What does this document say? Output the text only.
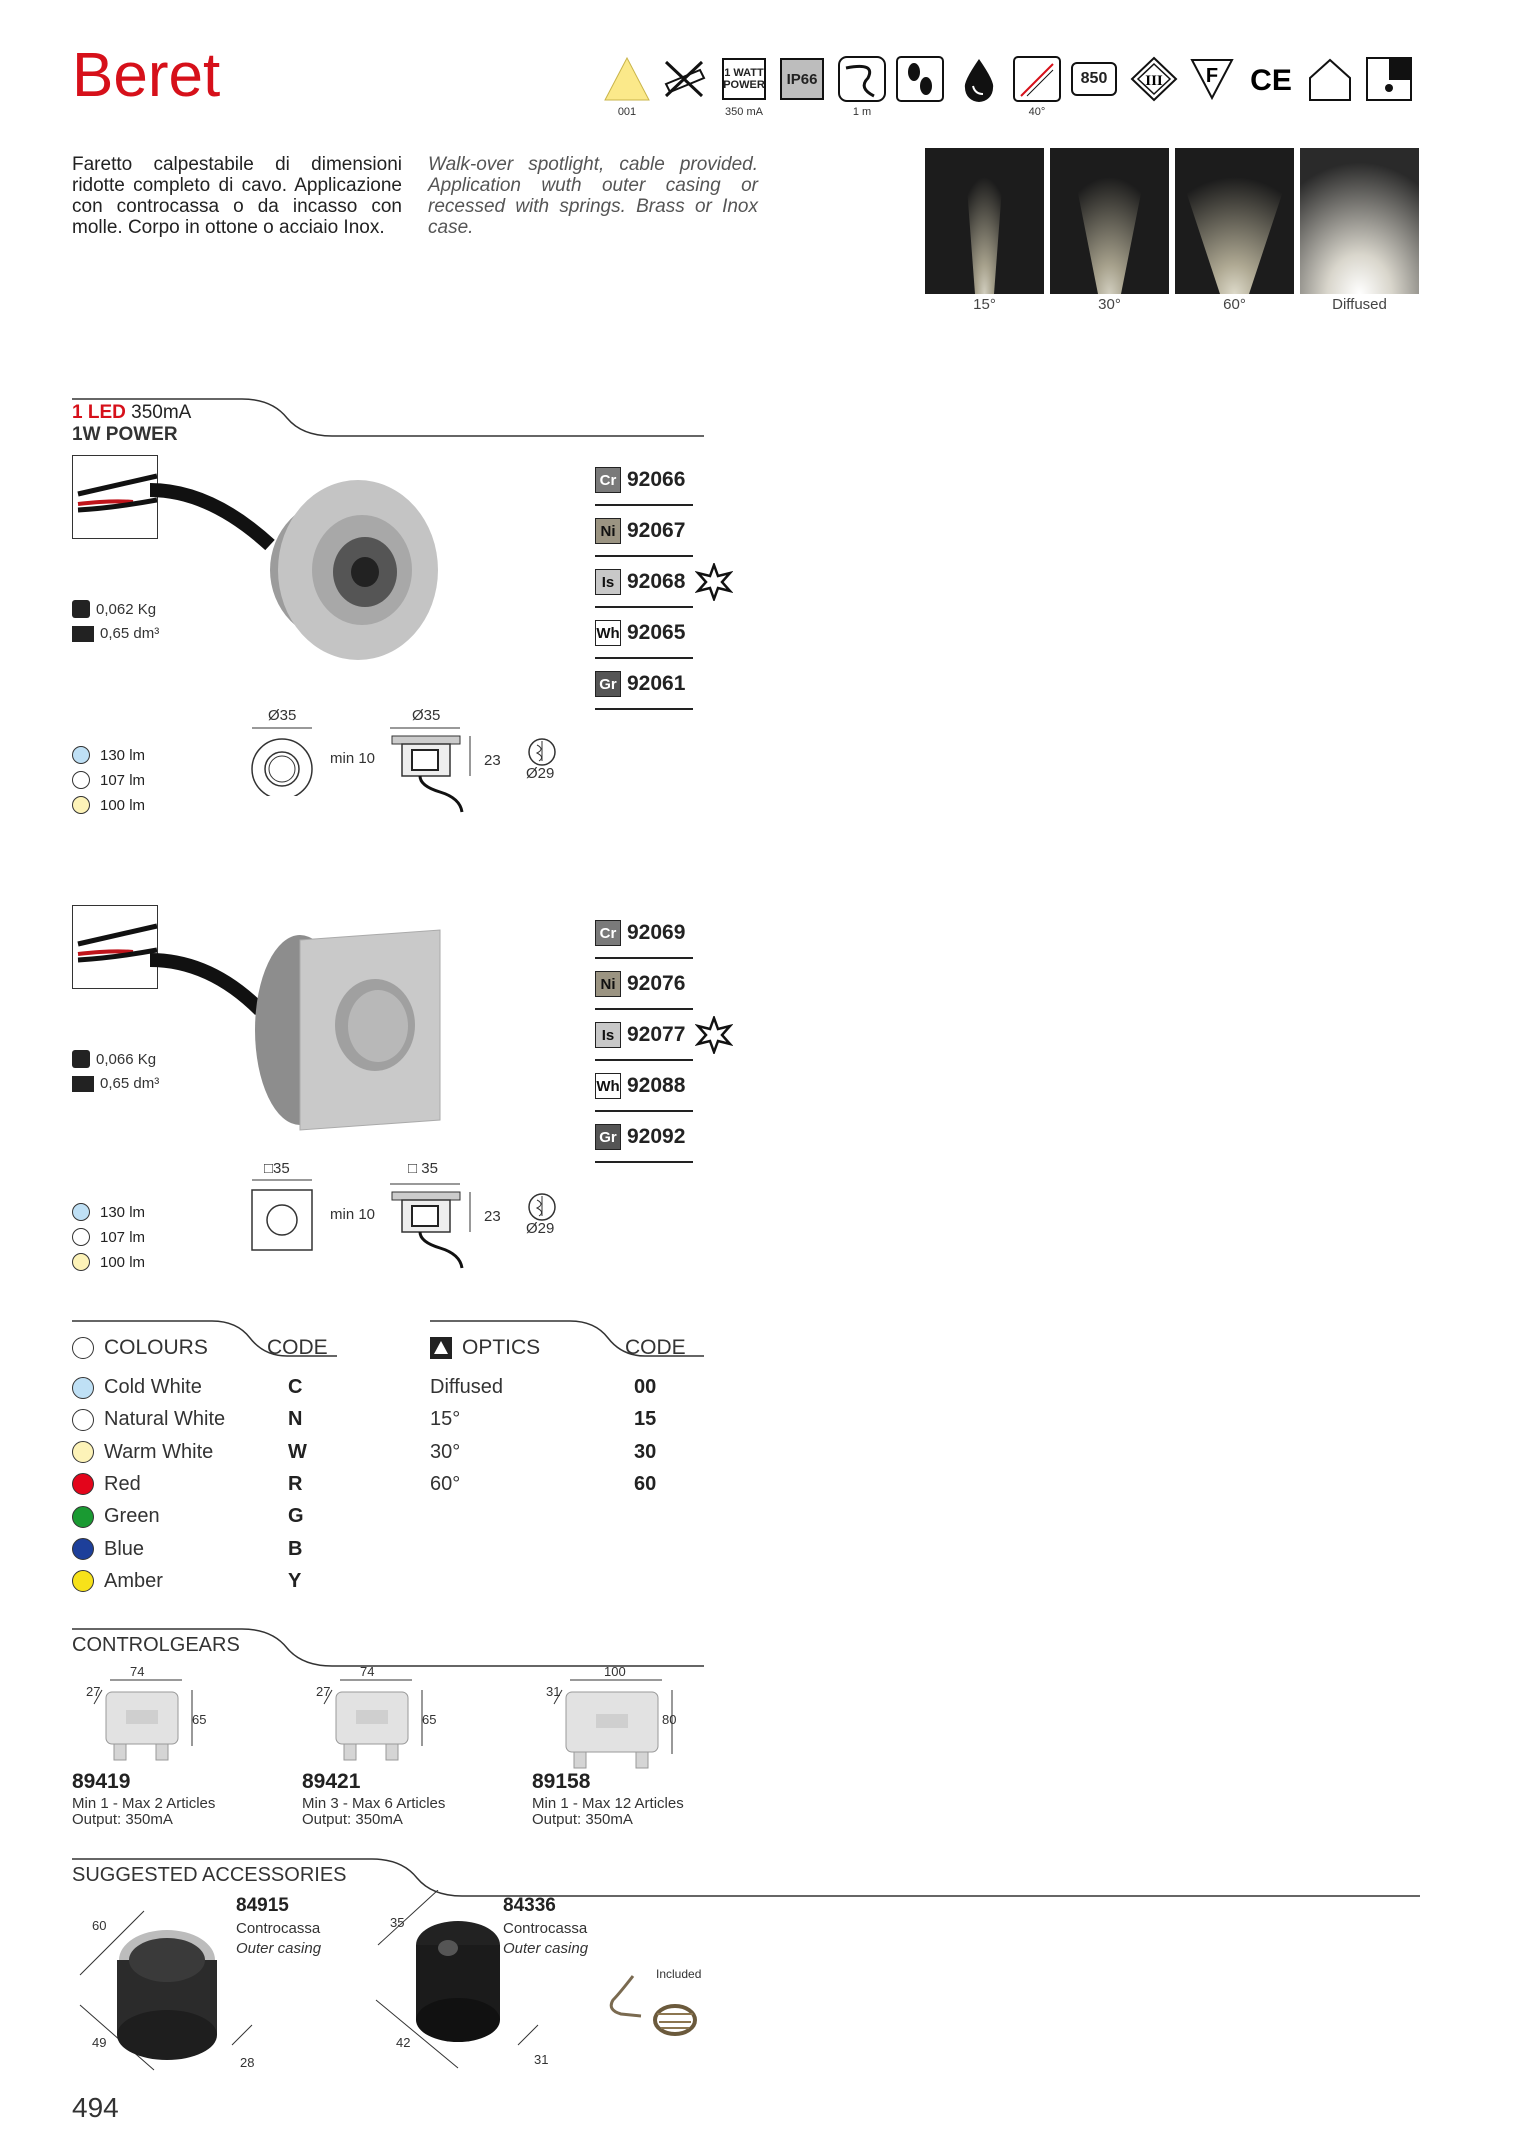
Beret
001
1 WATT POWER
350 mA
IP66
1 m	40°
850	III F CE
Faretto calpestabile di dimensioni ridotte completo di cavo. Applicazione con controcassa o da incasso con molle. Corpo in ottone o acciaio Inox.
Walk-over spotlight, cable provided. Application wuth outer casing or recessed with springs. Brass or Inox case.
15°	30°	60°	Diffused
1 LED 350mA
1W POWER
0,062 Kg
0,65 dm³
Cr 92066
Ni 92067
Is 92068
Wh 92065
Gr 92061
130 lm
107 lm
100 lm
Ø35
min 10
Ø35
23
Ø29
0,066 Kg
0,65 dm³
Cr 92069
Ni 92076
Is 92077
Wh 92088
Gr 92092
130 lm
107 lm
100 lm
□35
min 10
□ 35
23
Ø29
COLOURS	CODE
Cold White	C
Natural White	N
Warm White	W
Red	R
Green	G
Blue	B
Amber	Y
OPTICS	CODE
Diffused	00
15°	15
30°	30
60°	60
CONTROLGEARS
74
27
65
89419
Min 1 - Max 2 Articles
Output: 350mA
74
27
65
89421
Min 3 - Max 6 Articles
Output: 350mA
100
31
80
89158
Min 1 - Max 12 Articles
Output: 350mA
SUGGESTED ACCESSORIES
84915
Controcassa
Outer casing
60
49
28
84336
Controcassa
Outer casing
35
42
31
Included
494
